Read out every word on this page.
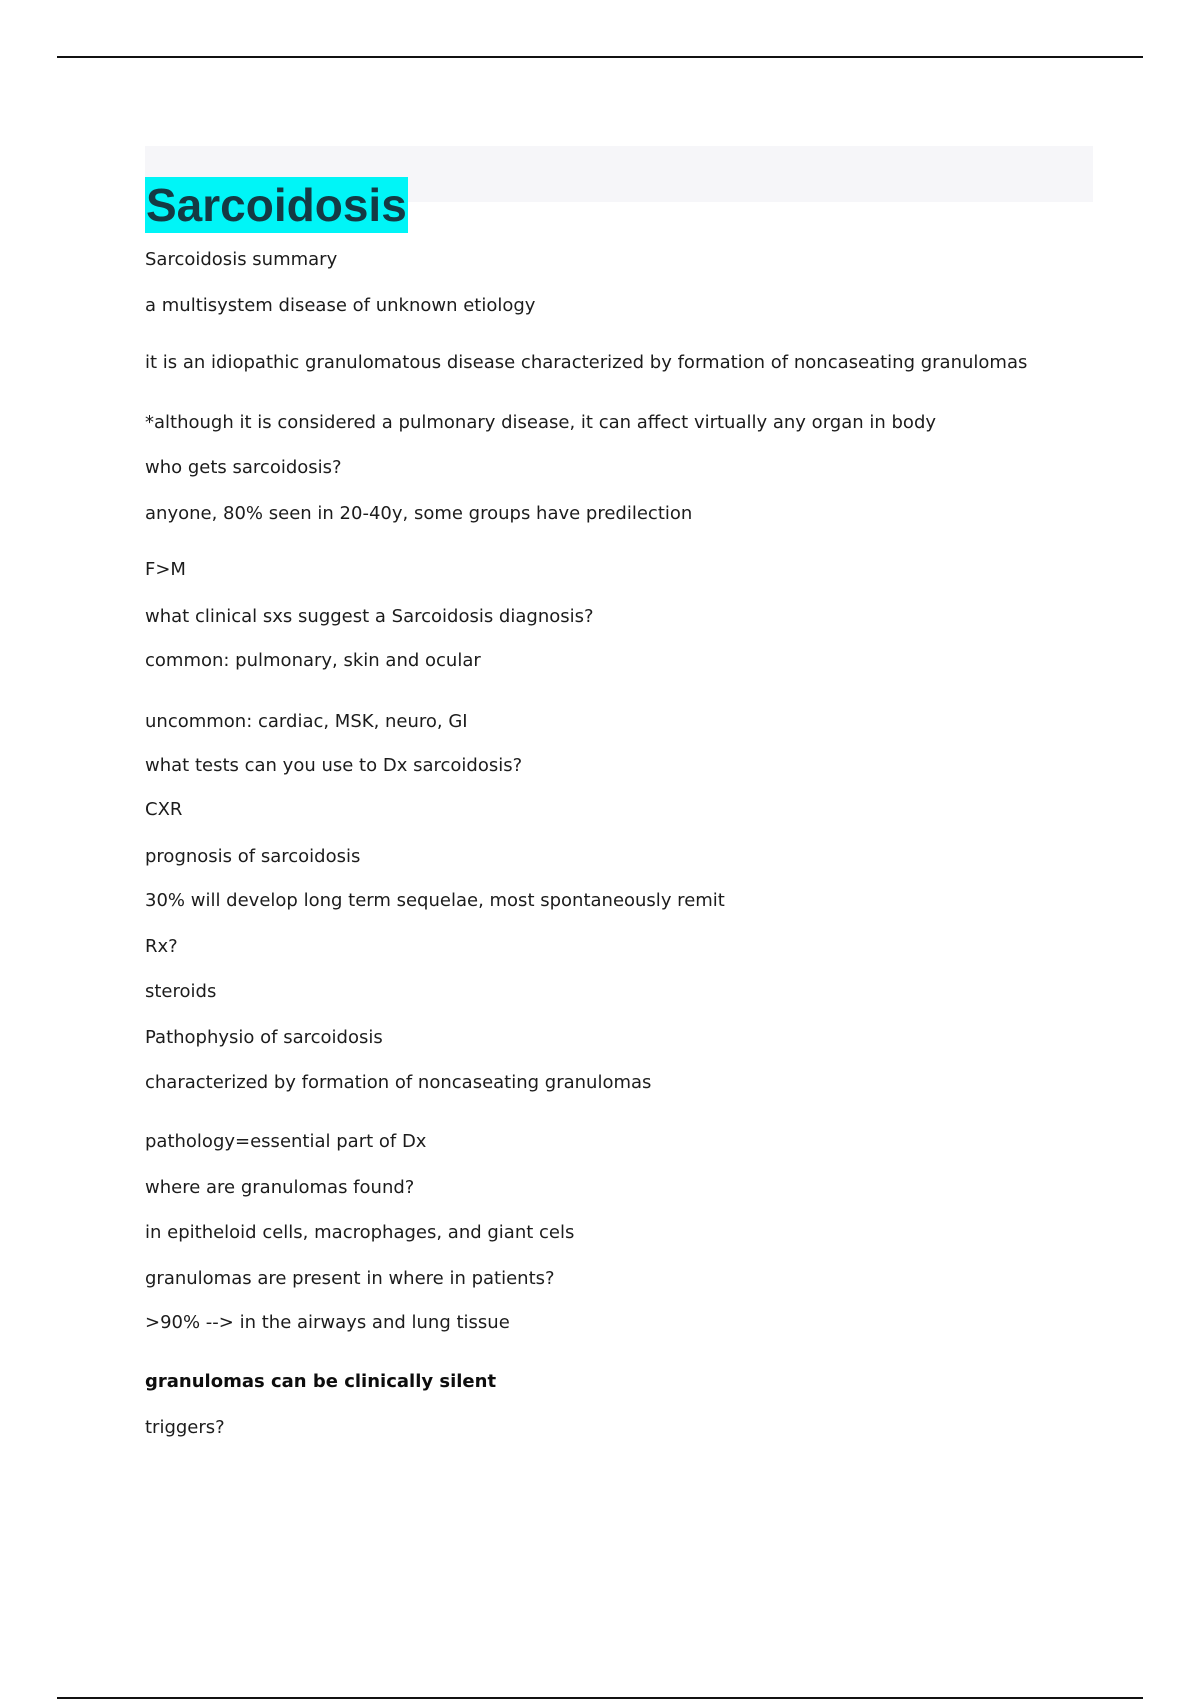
Sarcoidosis

Sarcoidosis summary

a multisystem disease of unknown etiology

it is an idiopathic granulomatous disease characterized by formation of noncaseating granulomas

*although it is considered a pulmonary disease, it can affect virtually any organ in body

who gets sarcoidosis?

anyone, 80% seen in 20-40y, some groups have predilection

F>M

what clinical sxs suggest a Sarcoidosis diagnosis?

common: pulmonary, skin and ocular

uncommon: cardiac, MSK, neuro, GI

what tests can you use to Dx sarcoidosis?

CXR

prognosis of sarcoidosis

30% will develop long term sequelae, most spontaneously remit

Rx?

steroids

Pathophysio of sarcoidosis

characterized by formation of noncaseating granulomas

pathology=essential part of Dx

where are granulomas found?

in epitheloid cells, macrophages, and giant cels

granulomas are present in where in patients?

>90% --> in the airways and lung tissue

granulomas can be clinically silent

triggers?
